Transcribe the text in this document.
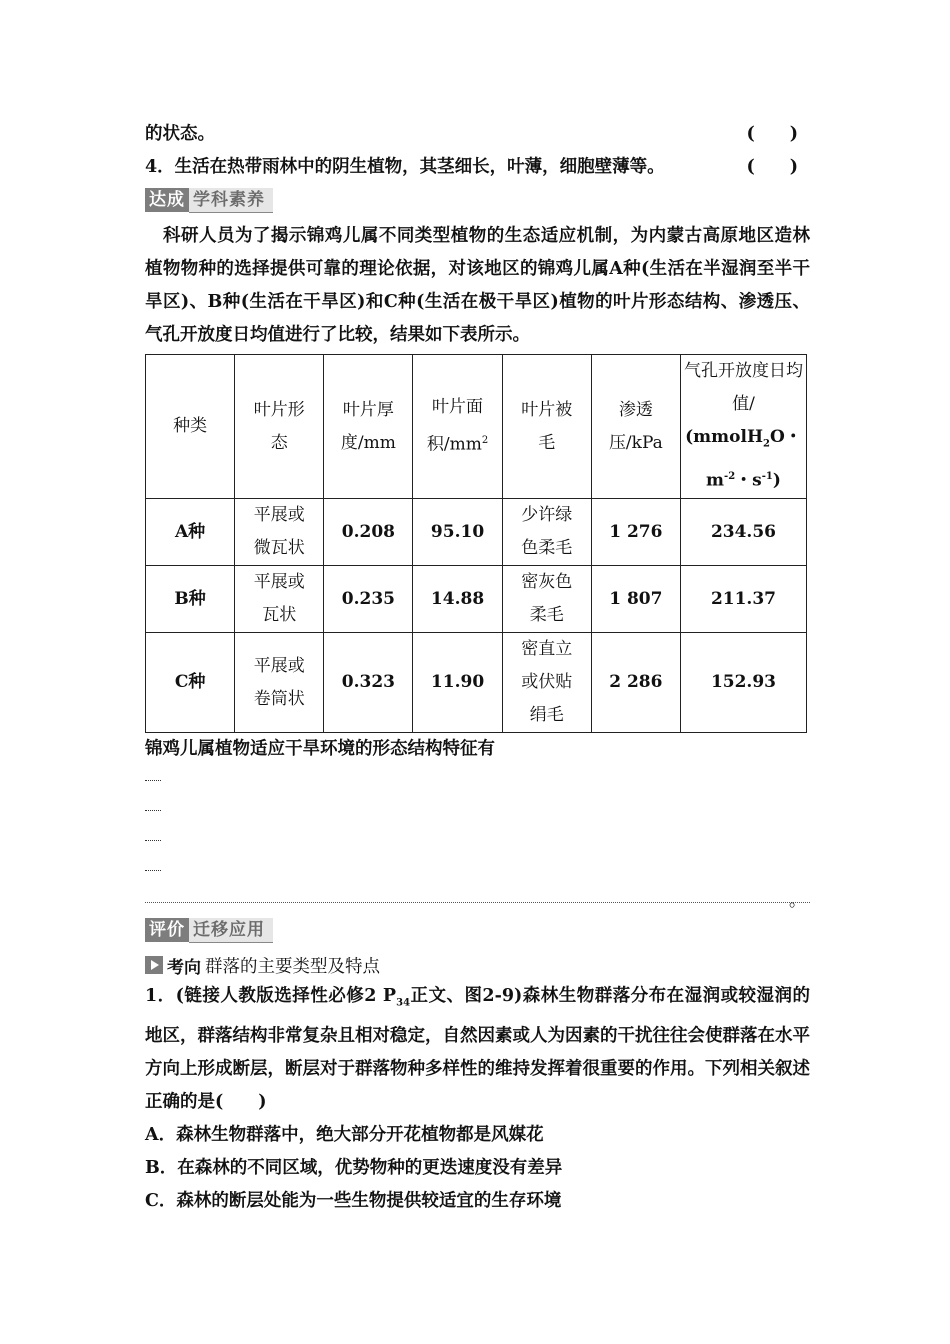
的状态。	(　　)
4．生活在热带雨林中的阴生植物，其茎细长，叶薄，细胞壁薄等。	(　　)
达成 学科素养
科研人员为了揭示锦鸡儿属不同类型植物的生态适应机制，为内蒙古高原地区造林植物物种的选择提供可靠的理论依据，对该地区的锦鸡儿属A种(生活在半湿润至半干旱区)、B种(生活在干旱区)和C种(生活在极干旱区)植物的叶片形态结构、渗透压、气孔开放度日均值进行了比较，结果如下表所示。
种类	叶片形态	叶片厚度/mm	叶片面积$/mm^2$	叶片被毛	渗透压/kPa	气孔开放度日均值/
(mmolH$_2$O・
$m^{-2}$・$s^{-1}$)

A种	平展或微瓦状	0.208	95.10	少许绿色柔毛	1 276	234.56
B种	平展或瓦状	0.235	14.88	密灰色柔毛	1 807	211.37
C种	平展或卷筒状	0.323	11.90	密直立或伏贴绢毛	2 286	152.93
锦鸡儿属植物适应干旱环境的形态结构特征有
。
评价 迁移应用
考向 群落的主要类型及特点
1．(链接人教版选择性必修2 $P_{34}$正文、图2-9)森林生物群落分布在湿润或较湿润的地区，群落结构非常复杂且相对稳定，自然因素或人为因素的干扰往往会使群落在水平方向上形成断层，断层对于群落物种多样性的维持发挥着很重要的作用。下列相关叙述正确的是(　　)
A．森林生物群落中，绝大部分开花植物都是风媒花
B．在森林的不同区域，优势物种的更迭速度没有差异
C．森林的断层处能为一些生物提供较适宜的生存环境
